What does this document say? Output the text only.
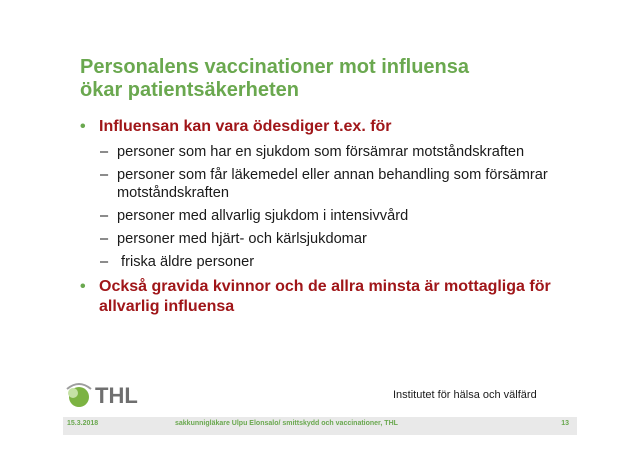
Personalens vaccinationer mot influensa
ökar patientsäkerheten
• Influensan kan vara ödesdiger t.ex. för
– personer som har en sjukdom som försämrar motståndskraften
– personer som får läkemedel eller annan behandling som försämrar motståndskraften
– personer med allvarlig sjukdom i intensivvård
– personer med hjärt- och kärlsjukdomar
– friska äldre personer
• Också gravida kvinnor och de allra minsta är mottagliga för allvarlig influensa
THL	Institutet för hälsa och välfärd
15.3.2018	sakkunnigläkare Ulpu Elonsalo/ smittskydd och vaccinationer, THL	13
